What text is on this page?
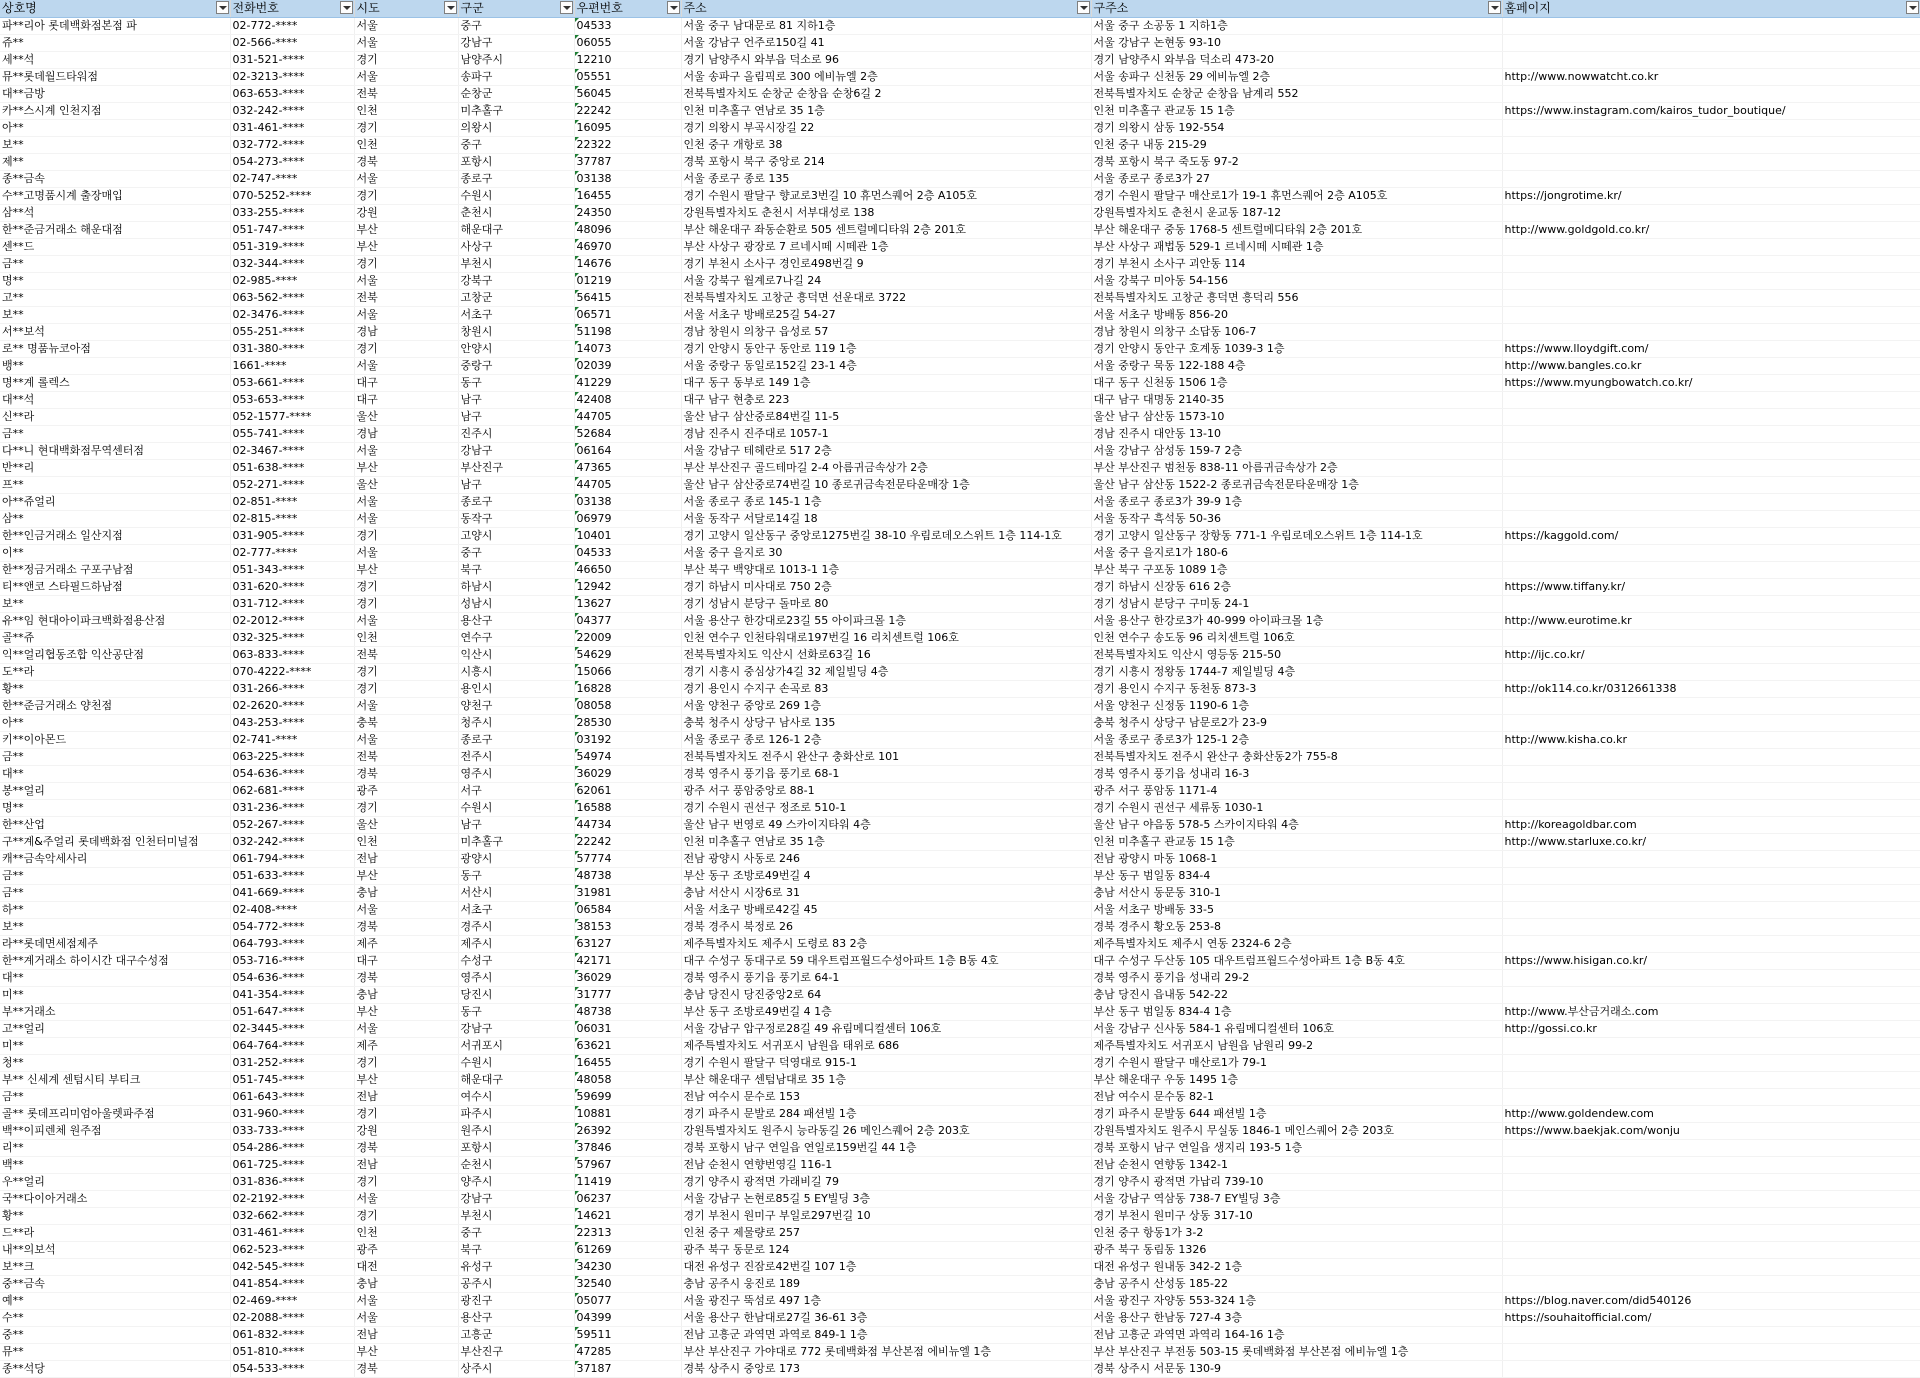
상호명	전화번호	시도	구군	우편번호	주소	구주소	홈페이지

파**리아 롯데백화점본점 파	02-772-****	서울	중구	04533	서울 중구 남대문로 81 지하1층	서울 중구 소공동 1 지하1층	
쥬**	02-566-****	서울	강남구	06055	서울 강남구 언주로150길 41	서울 강남구 논현동 93-10	
세**석	031-521-****	경기	남양주시	12210	경기 남양주시 와부읍 덕소로 96	경기 남양주시 와부읍 덕소리 473-20	
뮤**롯데월드타워점	02-3213-****	서울	송파구	05551	서울 송파구 올림픽로 300 에비뉴엘 2층	서울 송파구 신천동 29 에비뉴엘 2층	http://www.nowwatcht.co.kr
대**금방	063-653-****	전북	순창군	56045	전북특별자치도 순창군 순창읍 순창6길 2	전북특별자치도 순창군 순창읍 남계리 552	
카**스시계 인천지점	032-242-****	인천	미추홀구	22242	인천 미추홀구 연남로 35 1층	인천 미추홀구 관교동 15 1층	https://www.instagram.com/kairos_tudor_boutique/
아**	031-461-****	경기	의왕시	16095	경기 의왕시 부곡시장길 22	경기 의왕시 삼동 192-554	
보**	032-772-****	인천	중구	22322	인천 중구 개항로 38	인천 중구 내동 215-29	
제**	054-273-****	경북	포항시	37787	경북 포항시 북구 중앙로 214	경북 포항시 북구 죽도동 97-2	
종**금속	02-747-****	서울	종로구	03138	서울 종로구 종로 135	서울 종로구 종로3가 27	
수**고명품시계 출장매입	070-5252-****	경기	수원시	16455	경기 수원시 팔달구 향교로3번길 10 휴먼스퀘어 2층 A105호	경기 수원시 팔달구 매산로1가 19-1 휴먼스퀘어 2층 A105호	https://jongrotime.kr/
삼**석	033-255-****	강원	춘천시	24350	강원특별자치도 춘천시 서부대성로 138	강원특별자치도 춘천시 운교동 187-12	
한**준금거래소 해운대점	051-747-****	부산	해운대구	48096	부산 해운대구 좌동순환로 505 센트럴메디타워 2층 201호	부산 해운대구 중동 1768-5 센트럴메디타워 2층 201호	http://www.goldgold.co.kr/
센**드	051-319-****	부산	사상구	46970	부산 사상구 광장로 7 르네시떼 시떼관 1층	부산 사상구 괘법동 529-1 르네시떼 시떼관 1층	
금**	032-344-****	경기	부천시	14676	경기 부천시 소사구 경인로498번길 9	경기 부천시 소사구 괴안동 114	
명**	02-985-****	서울	강북구	01219	서울 강북구 월계로7나길 24	서울 강북구 미아동 54-156	
고**	063-562-****	전북	고창군	56415	전북특별자치도 고창군 흥덕면 선운대로 3722	전북특별자치도 고창군 흥덕면 흥덕리 556	
보**	02-3476-****	서울	서초구	06571	서울 서초구 방배로25길 54-27	서울 서초구 방배동 856-20	
서**보석	055-251-****	경남	창원시	51198	경남 창원시 의창구 읍성로 57	경남 창원시 의창구 소답동 106-7	
로** 명품뉴코아점	031-380-****	경기	안양시	14073	경기 안양시 동안구 동안로 119 1층	경기 안양시 동안구 호계동 1039-3 1층	https://www.lloydgift.com/
뱅**	1661-****	서울	중랑구	02039	서울 중랑구 동일로152길 23-1 4층	서울 중랑구 묵동 122-188 4층	http://www.bangles.co.kr
명**계 롤렉스	053-661-****	대구	동구	41229	대구 동구 동부로 149 1층	대구 동구 신천동 1506 1층	https://www.myungbowatch.co.kr/
대**석	053-653-****	대구	남구	42408	대구 남구 현충로 223	대구 남구 대명동 2140-35	
신**라	052-1577-****	울산	남구	44705	울산 남구 삼산중로84번길 11-5	울산 남구 삼산동 1573-10	
금**	055-741-****	경남	진주시	52684	경남 진주시 진주대로 1057-1	경남 진주시 대안동 13-10	
다**니 현대백화점무역센터점	02-3467-****	서울	강남구	06164	서울 강남구 테헤란로 517 2층	서울 강남구 삼성동 159-7 2층	
반**리	051-638-****	부산	부산진구	47365	부산 부산진구 골드테마길 2-4 아름귀금속상가 2층	부산 부산진구 범천동 838-11 아름귀금속상가 2층	
프**	052-271-****	울산	남구	44705	울산 남구 삼산중로74번길 10 종로귀금속전문타운매장 1층	울산 남구 삼산동 1522-2 종로귀금속전문타운매장 1층	
아**쥬얼리	02-851-****	서울	종로구	03138	서울 종로구 종로 145-1 1층	서울 종로구 종로3가 39-9 1층	
삼**	02-815-****	서울	동작구	06979	서울 동작구 서달로14길 18	서울 동작구 흑석동 50-36	
한**인금거래소 일산지점	031-905-****	경기	고양시	10401	경기 고양시 일산동구 중앙로1275번길 38-10 우림로데오스위트 1층 114-1호	경기 고양시 일산동구 장항동 771-1 우림로데오스위트 1층 114-1호	https://kaggold.com/
이**	02-777-****	서울	중구	04533	서울 중구 을지로 30	서울 중구 을지로1가 180-6	
한**정금거래소 구포구남점	051-343-****	부산	북구	46650	부산 북구 백양대로 1013-1 1층	부산 북구 구포동 1089 1층	
티**앤코 스타필드하남점	031-620-****	경기	하남시	12942	경기 하남시 미사대로 750 2층	경기 하남시 신장동 616 2층	https://www.tiffany.kr/
보**	031-712-****	경기	성남시	13627	경기 성남시 분당구 돌마로 80	경기 성남시 분당구 구미동 24-1	
유**임 현대아이파크백화점용산점	02-2012-****	서울	용산구	04377	서울 용산구 한강대로23길 55 아이파크몰 1층	서울 용산구 한강로3가 40-999 아이파크몰 1층	http://www.eurotime.kr
골**쥬	032-325-****	인천	연수구	22009	인천 연수구 인천타워대로197번길 16 리치센트럴 106호	인천 연수구 송도동 96 리치센트럴 106호	
익**얼리협동조합 익산공단점	063-833-****	전북	익산시	54629	전북특별자치도 익산시 선화로63길 16	전북특별자치도 익산시 영등동 215-50	http://ijc.co.kr/
도**라	070-4222-****	경기	시흥시	15066	경기 시흥시 중심상가4길 32 제일빌딩 4층	경기 시흥시 정왕동 1744-7 제일빌딩 4층	
황**	031-266-****	경기	용인시	16828	경기 용인시 수지구 손곡로 83	경기 용인시 수지구 동천동 873-3	http://ok114.co.kr/0312661338
한**준금거래소 양천점	02-2620-****	서울	양천구	08058	서울 양천구 중앙로 269 1층	서울 양천구 신정동 1190-6 1층	
아**	043-253-****	충북	청주시	28530	충북 청주시 상당구 남사로 135	충북 청주시 상당구 남문로2가 23-9	
키**이아몬드	02-741-****	서울	종로구	03192	서울 종로구 종로 126-1 2층	서울 종로구 종로3가 125-1 2층	http://www.kisha.co.kr
금**	063-225-****	전북	전주시	54974	전북특별자치도 전주시 완산구 충화산로 101	전북특별자치도 전주시 완산구 충화산동2가 755-8	
대**	054-636-****	경북	영주시	36029	경북 영주시 풍기읍 풍기로 68-1	경북 영주시 풍기읍 성내리 16-3	
봉**얼리	062-681-****	광주	서구	62061	광주 서구 풍암중앙로 88-1	광주 서구 풍암동 1171-4	
명**	031-236-****	경기	수원시	16588	경기 수원시 권선구 정조로 510-1	경기 수원시 권선구 세류동 1030-1	
한**산업	052-267-****	울산	남구	44734	울산 남구 번영로 49 스카이지타워 4층	울산 남구 야음동 578-5 스카이지타워 4층	http://koreagoldbar.com
구**계&주얼리 롯데백화점 인천터미널점	032-242-****	인천	미추홀구	22242	인천 미추홀구 연남로 35 1층	인천 미추홀구 관교동 15 1층	http://www.starluxe.co.kr/
캐**금속악세사리	061-794-****	전남	광양시	57774	전남 광양시 사동로 246	전남 광양시 마동 1068-1	
금**	051-633-****	부산	동구	48738	부산 동구 조방로49번길 4	부산 동구 범일동 834-4	
금**	041-669-****	충남	서산시	31981	충남 서산시 시장6로 31	충남 서산시 동문동 310-1	
하**	02-408-****	서울	서초구	06584	서울 서초구 방배로42길 45	서울 서초구 방배동 33-5	
보**	054-772-****	경북	경주시	38153	경북 경주시 북정로 26	경북 경주시 황오동 253-8	
라**롯데면세점제주	064-793-****	제주	제주시	63127	제주특별자치도 제주시 도령로 83 2층	제주특별자치도 제주시 연동 2324-6 2층	
한**계거래소 하이시간 대구수성점	053-716-****	대구	수성구	42171	대구 수성구 동대구로 59 대우트럼프월드수성아파트 1층 B동 4호	대구 수성구 두산동 105 대우트럼프월드수성아파트 1층 B동 4호	https://www.hisigan.co.kr/
대**	054-636-****	경북	영주시	36029	경북 영주시 풍기읍 풍기로 64-1	경북 영주시 풍기읍 성내리 29-2	
미**	041-354-****	충남	당진시	31777	충남 당진시 당진중앙2로 64	충남 당진시 읍내동 542-22	
부**거래소	051-647-****	부산	동구	48738	부산 동구 조방로49번길 4 1층	부산 동구 범일동 834-4 1층	http://www.부산금거래소.com
고**얼리	02-3445-****	서울	강남구	06031	서울 강남구 압구정로28길 49 유림메디컬센터 106호	서울 강남구 신사동 584-1 유림메디컬센터 106호	http://gossi.co.kr
미**	064-764-****	제주	서귀포시	63621	제주특별자치도 서귀포시 남원읍 태위로 686	제주특별자치도 서귀포시 남원읍 남원리 99-2	
청**	031-252-****	경기	수원시	16455	경기 수원시 팔달구 덕영대로 915-1	경기 수원시 팔달구 매산로1가 79-1	
부** 신세계 센텀시티 부티크	051-745-****	부산	해운대구	48058	부산 해운대구 센텀남대로 35 1층	부산 해운대구 우동 1495 1층	
금**	061-643-****	전남	여수시	59699	전남 여수시 문수로 153	전남 여수시 문수동 82-1	
골** 롯데프리미엄아울렛파주점	031-960-****	경기	파주시	10881	경기 파주시 문발로 284 패션빌 1층	경기 파주시 문발동 644 패션빌 1층	http://www.goldendew.com
백**이피렌체 원주점	033-733-****	강원	원주시	26392	강원특별자치도 원주시 능라동길 26 메인스퀘어 2층 203호	강원특별자치도 원주시 무실동 1846-1 메인스퀘어 2층 203호	https://www.baekjak.com/wonju
리**	054-286-****	경북	포항시	37846	경북 포항시 남구 연일읍 연일로159번길 44 1층	경북 포항시 남구 연일읍 생지리 193-5 1층	
백**	061-725-****	전남	순천시	57967	전남 순천시 연향번영길 116-1	전남 순천시 연향동 1342-1	
우**얼리	031-836-****	경기	양주시	11419	경기 양주시 광적면 가래비길 79	경기 양주시 광적면 가납리 739-10	
국**다이아거래소	02-2192-****	서울	강남구	06237	서울 강남구 논현로85길 5 EY빌딩 3층	서울 강남구 역삼동 738-7 EY빌딩 3층	
황**	032-662-****	경기	부천시	14621	경기 부천시 원미구 부일로297번길 10	경기 부천시 원미구 상동 317-10	
드**라	031-461-****	인천	중구	22313	인천 중구 제물량로 257	인천 중구 항동1가 3-2	
내**의보석	062-523-****	광주	북구	61269	광주 북구 동문로 124	광주 북구 동림동 1326	
보**크	042-545-****	대전	유성구	34230	대전 유성구 진잠로42번길 107 1층	대전 유성구 원내동 342-2 1층	
중**금속	041-854-****	충남	공주시	32540	충남 공주시 웅진로 189	충남 공주시 산성동 185-22	
예**	02-469-****	서울	광진구	05077	서울 광진구 뚝섬로 497 1층	서울 광진구 자양동 553-324 1층	https://blog.naver.com/did540126
수**	02-2088-****	서울	용산구	04399	서울 용산구 한남대로27길 36-61 3층	서울 용산구 한남동 727-4 3층	https://souhaitofficial.com/
중**	061-832-****	전남	고흥군	59511	전남 고흥군 과역면 과역로 849-1 1층	전남 고흥군 과역면 과역리 164-16 1층	
뮤**	051-810-****	부산	부산진구	47285	부산 부산진구 가야대로 772 롯데백화점 부산본점 에비뉴엘 1층	부산 부산진구 부전동 503-15 롯데백화점 부산본점 에비뉴엘 1층	
종**석당	054-533-****	경북	상주시	37187	경북 상주시 중앙로 173	경북 상주시 서문동 130-9	
